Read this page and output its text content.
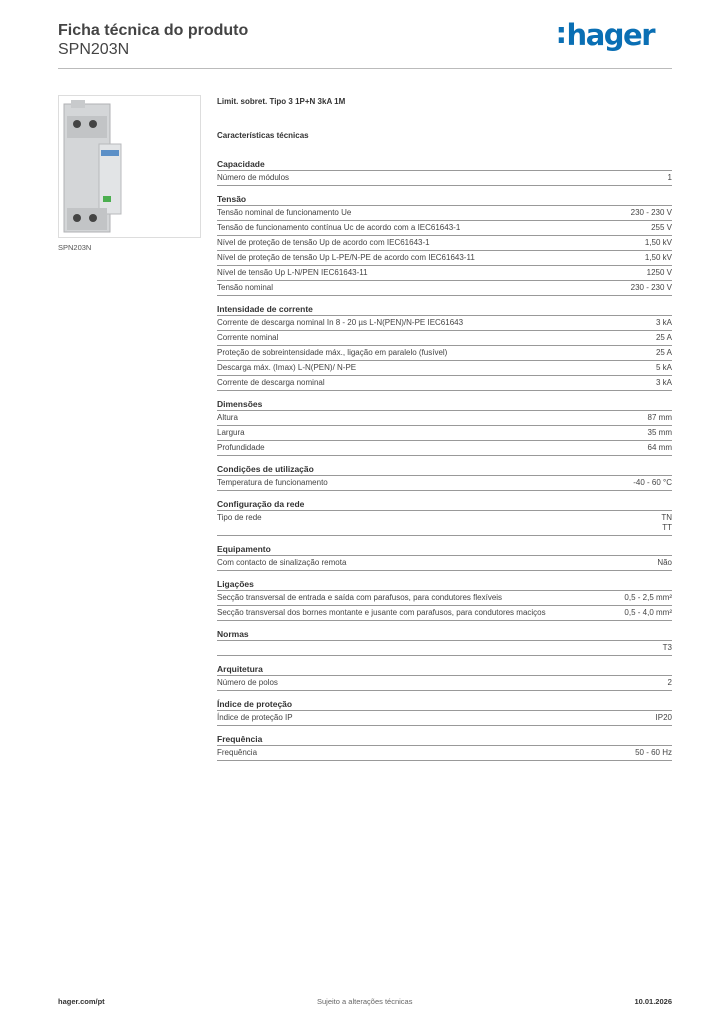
Ficha técnica do produto
SPN203N	:hager
SPN203N
Limit. sobret. Tipo 3 1P+N 3kA 1M
Características técnicas
Capacidade
Número de módulos	1
Tensão
Tensão nominal de funcionamento Ue	230 - 230 V
Tensão de funcionamento contínua Uc de acordo com a IEC61643-1	255 V
Nível de proteção de tensão Up de acordo com IEC61643-1	1,50 kV
Nível de proteção de tensão Up L-PE/N-PE de acordo com IEC61643-11	1,50 kV
Nível de tensão Up L-N/PEN IEC61643-11	1250 V
Tensão nominal	230 - 230 V
Intensidade de corrente
Corrente de descarga nominal In 8 - 20 µs L-N(PEN)/N-PE IEC61643	3 kA
Corrente nominal	25 A
Proteção de sobreintensidade máx., ligação em paralelo (fusível)	25 A
Descarga máx. (Imax) L-N(PEN)/ N-PE	5 kA
Corrente de descarga nominal	3 kA
Dimensões
Altura	87 mm
Largura	35 mm
Profundidade	64 mm
Condições de utilização
Temperatura de funcionamento	-40 - 60 °C
Configuração da rede
Tipo de rede	TN
TT
Equipamento
Com contacto de sinalização remota	Não
Ligações
Secção transversal de entrada e saída com parafusos, para condutores flexíveis	0,5 - 2,5 mm²
Secção transversal dos bornes montante e jusante com parafusos, para condutores maciços	0,5 - 4,0 mm²
Normas
T3
Arquitetura
Número de polos	2
Índice de proteção
Índice de proteção IP	IP20
Frequência
Frequência	50 - 60 Hz
hager.com/pt	Sujeito a alterações técnicas	10.01.2026
